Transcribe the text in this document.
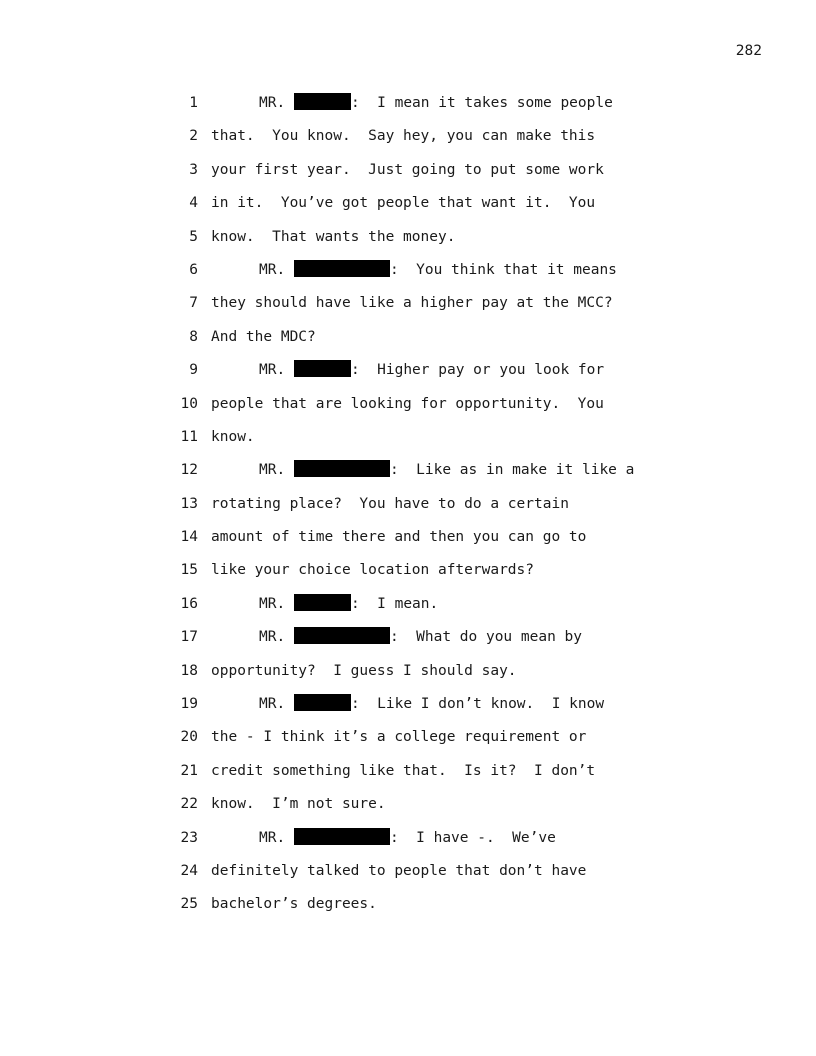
282
1	MR.	:  I mean it takes some people
2 that.  You know.  Say hey, you can make this
3 your first year.  Just going to put some work
4 in it.  You’ve got people that want it.  You
5 know.  That wants the money.
6	MR.	:  You think that it means
7 they should have like a higher pay at the MCC?
8 And the MDC?
9	MR.	:  Higher pay or you look for
10 people that are looking for opportunity.  You
11 know.
12	MR.	:  Like as in make it like a
13 rotating place?  You have to do a certain
14 amount of time there and then you can go to
15 like your choice location afterwards?
16	MR.	:  I mean.
17	MR.	:  What do you mean by
18 opportunity?  I guess I should say.
19	MR.	:  Like I don’t know.  I know
20 the - I think it’s a college requirement or
21 credit something like that.  Is it?  I don’t
22 know.  I’m not sure.
23	MR.	:  I have -.  We’ve
24 definitely talked to people that don’t have
25 bachelor’s degrees.
